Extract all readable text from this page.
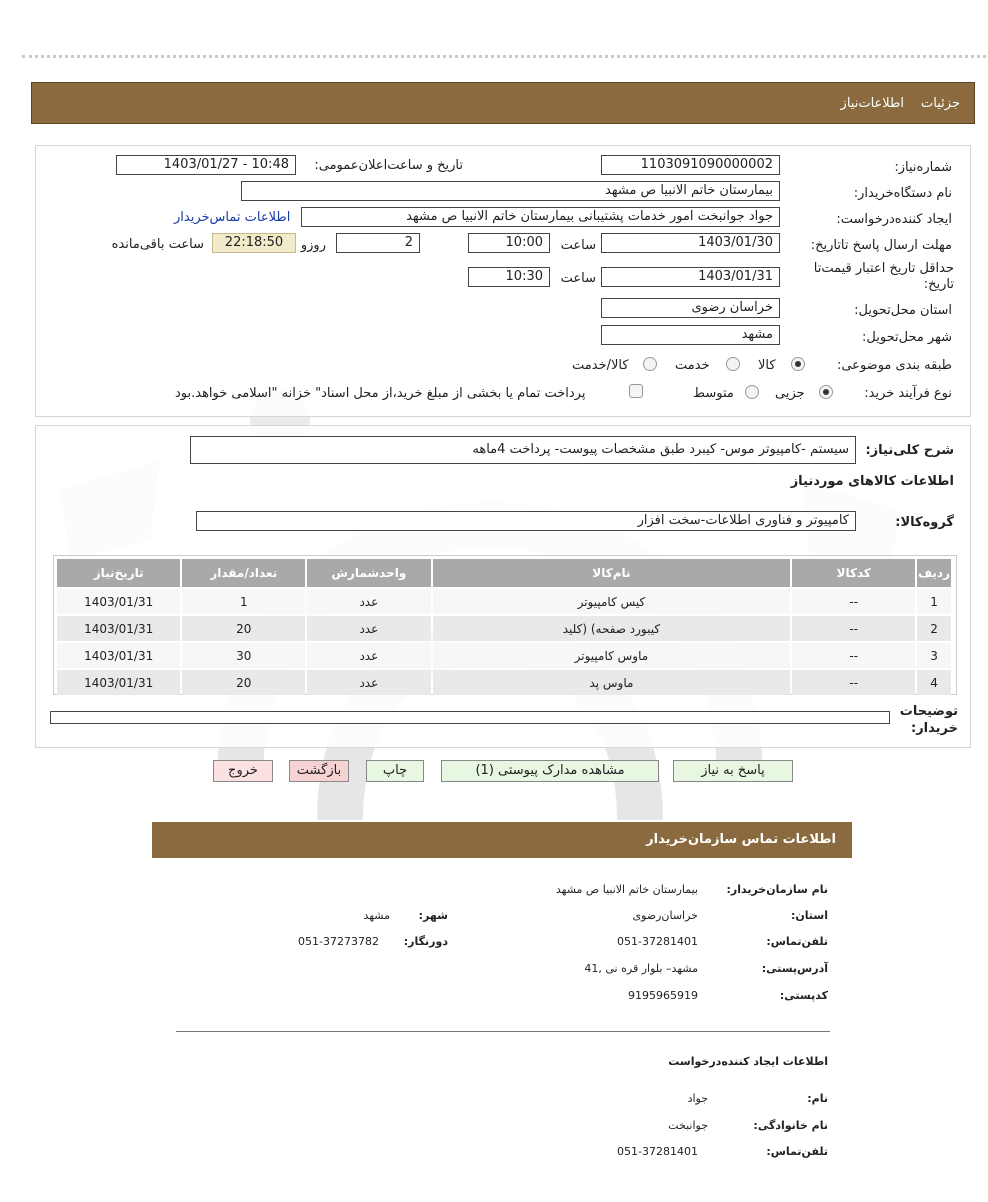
جزئیات
اطلاعات‌نیاز
شماره‌نیاز:
1103091090000002
تاریخ و ساعت‌اعلان‌عمومی:
1403/01/27 - 10:48
نام دستگاه‌خریدار:
بیمارستان خاتم الانبیا ص مشهد
ایجاد کننده‌درخواست:
جواد جوانبخت امور خدمات پشتیبانی بیمارستان خاتم الانبیا ص مشهد
اطلاعات تماس‌خریدار
مهلت ارسال پاسخ تا‌تاریخ:
1403/01/30
ساعت
10:00
2
روزو
22:18:50
ساعت باقی‌مانده
حداقل تاریخ اعتبار قیمت‌تا تاریخ:
1403/01/31
ساعت
10:30
استان محل‌تحویل:
خراسان رضوی
شهر محل‌تحویل:
مشهد
طبقه بندی موضوعی:
کالا
خدمت
کالا/خدمت
نوع فرآیند خرید:
جزیی
متوسط
پرداخت تمام یا بخشی از مبلغ خرید،از محل اسناد" خزانه "اسلامی خواهد.بود
شرح کلی‌نیاز:
سیستم -کامپیوتر موس- کیبرد طبق مشخصات پیوست- پرداخت 4ماهه
اطلاعات کالاهای موردنیاز
گروه‌کالا:
کامپیوتر و فناوری اطلاعات-سخت افزار
ردیف	کدکالا	نام‌کالا	واحدشمارش	تعداد/مقدار	تاریخ‌نیاز
1	--	کیس کامپیوتر	عدد	1	1403/01/31
2	--	کیبورد صفحه) (کلید	عدد	20	1403/01/31
3	--	ماوس کامپیوتر	عدد	30	1403/01/31
4	--	ماوس پد	عدد	20	1403/01/31
توضیحات خریدار:
پاسخ به نیاز
مشاهده مدارک پیوستی (1)
چاپ
بازگشت
خروج
اطلاعات تماس سازمان‌خریدار
نام سازمان‌خریدار:
بیمارستان خاتم الانبیا ص مشهد
استان:
خراسان‌رضوی
شهر:
مشهد
تلفن‌تماس:
051-37281401
دورنگار:
051-37273782
آدرس‌پستی:
مشهد– بلوار قره نی ,41
کدپستی:
9195965919
اطلاعات ایجاد کننده‌درخواست
نام:
جواد
نام خانوادگی:
جوانبخت
تلفن‌تماس:
051-37281401
